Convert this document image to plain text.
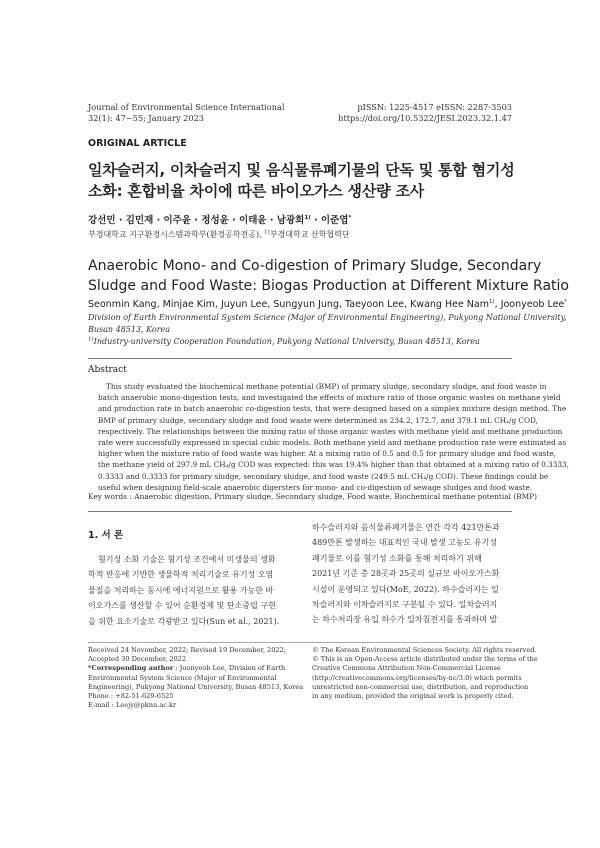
Journal of Environmental Science International
32(1): 47~55; January 2023
pISSN: 1225-4517 eISSN: 2287-3503
https://doi.org/10.5322/JESI.2023.32.1.47
ORIGINAL ARTICLE
일차슬러지, 이차슬러지 및 음식물류폐기물의 단독 및 통합 혐기성
소화: 혼합비율 차이에 따른 바이오가스 생산량 조사
강선민 · 김민재 · 이주윤 · 정성윤 · 이태윤 · 남광희$^{1)}$ · 이준엽*
부경대학교 지구환경시스템과학부(환경공학전공), $^{1)}$부경대학교 산학협력단
Anaerobic Mono- and Co-digestion of Primary Sludge, Secondary
Sludge and Food Waste: Biogas Production at Different Mixture Ratio
Seonmin Kang, Minjae Kim, Juyun Lee, Sungyun Jung, Taeyoon Lee, Kwang Hee Nam$^{1)}$, Joonyeob Lee*
Division of Earth Environmental System Science (Major of Environmental Engineering), Pukyong National University,
Busan 48513, Korea
$^{1)}$Industry-university Cooperation Foundation, Pukyong National University, Busan 48513, Korea
Abstract
This study evaluated the biochemical methane potential (BMP) of primary sludge, secondary sludge, and food waste in
batch anaerobic mono-digestion tests, and investigated the effects of mixture ratio of those organic wastes on methane yield
and production rate in batch anaerobic co-digestion tests, that were designed based on a simplex mixture design method. The
BMP of primary sludge, secondary sludge and food waste were determined as 234.2, 172.7, and 379.1 mL CH₄/g COD,
respectively. The relationships between the mixing ratio of those organic wastes with methane yield and methane production
rate were successfully expressed in special cubic models. Both methane yield and methane production rate were estimated as
higher when the mixture ratio of food waste was higher. At a mixing ratio of 0.5 and 0.5 for primary sludge and food waste,
the methane yield of 297.9 mL CH₄/g COD was expected: this was 19.4% higher than that obtained at a mixing ratio of 0.3333,
0.3333 and 0.3333 for primary sludge, secondary sludge, and food waste (249.5 mL CH₄/g COD). These findings could be
useful when designing field-scale anaerobic digersters for mono- and co-digestion of sewage sludges and food waste.
Key words : Anaerobic digestion, Primary sludge, Secondary sludge, Food waste, Biochemical methane potential (BMP)
1. 서 론
혐기성 소화 기술은 혐기성 조건에서 미생물의 생화
학적 반응에 기반한 생물학적 처리기술로 유기성 오염
물질을 처리하는 동시에 에너지원으로 활용 가능한 바
이오가스를 생산할 수 있어 순환경제 및 탄소중립 구현
을 위한 요소기술로 각광받고 있다(Sun et al., 2021).
하수슬러지와 음식물류폐기물은 연간 각각 421만톤과
489만톤 발생하는 대표적인 국내 발생 고농도 유기성
폐기물로 이를 혐기성 소화를 통해 처리하기 위해
2021년 기준 총 28곳과 25곳의 실규모 바이오가스화
시설이 운영되고 있다(MoE, 2022). 하수슬러지는 일
차슬러지와 이차슬러지로 구분될 수 있다. 일차슬러지
는 하수처리장 유입 하수가 일차침전지를 통과하며 발
Received 24 November, 2022; Revised 19 December, 2022;
Accepted 30 December, 2022
*Corresponding author : Joonyeob Lee, Division of Earth
Environmental System Science (Major of Environmental
Engineering), Pukyong National University, Busan 48513, Korea
Phone : +82-51-629-6525
E-mail : Leejy@pknu.ac.kr
© The Korean Environmental Sciences Society. All rights reserved.
© This is an Open-Access article distributed under the terms of the
Creative Commons Attribution Non-Commercial License
(http://creativecommons.org/licenses/by-nc/3.0) which permits
unrestricted non-commercial use, distribution, and reproduction
in any medium, provided the original work is properly cited.
